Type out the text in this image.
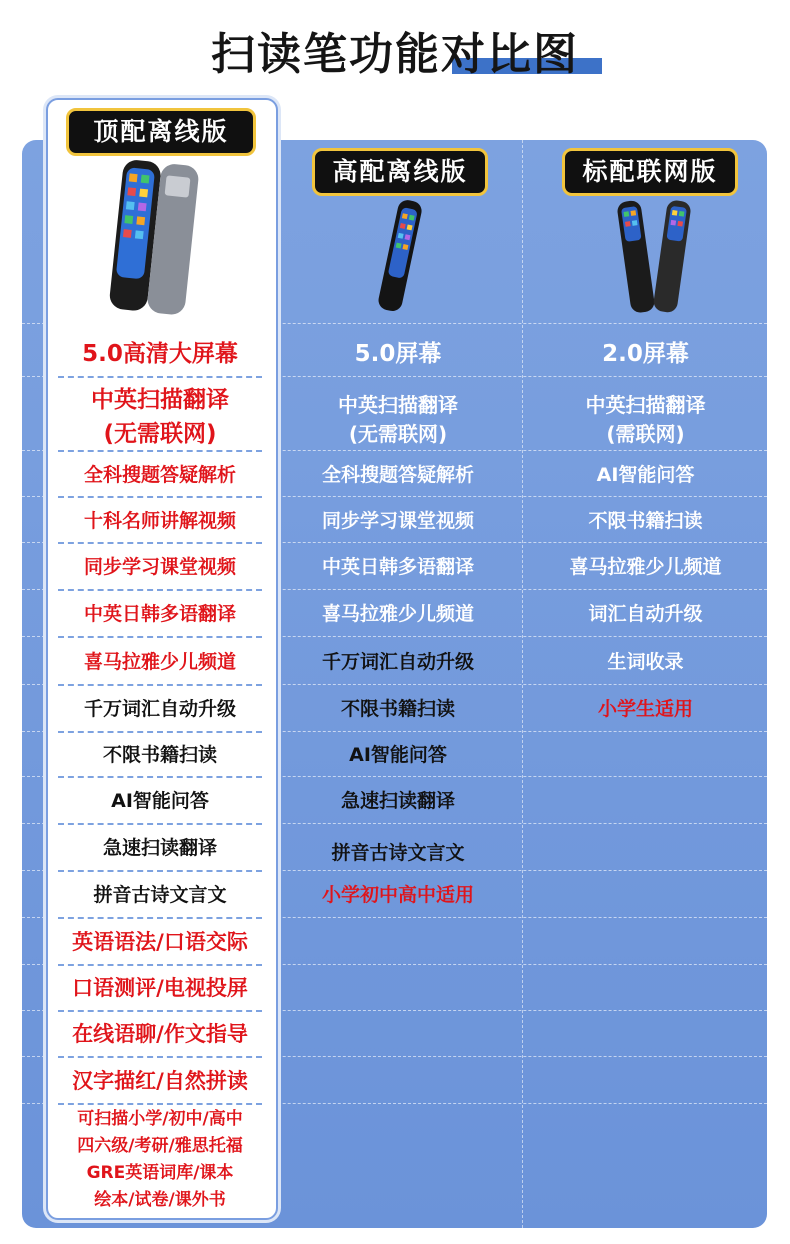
扫读笔功能对比图
顶配离线版
高配离线版	标配联网版
5.0高清大屏幕
中英扫描翻译
(无需联网)
全科搜题答疑解析
十科名师讲解视频
同步学习课堂视频
中英日韩多语翻译
喜马拉雅少儿频道
千万词汇自动升级
不限书籍扫读
AI智能问答
急速扫读翻译
拼音古诗文言文
英语语法/口语交际
口语测评/电视投屏
在线语聊/作文指导
汉字描红/自然拼读
可扫描小学/初中/高中
四六级/考研/雅思托福
GRE英语词库/课本
绘本/试卷/课外书
5.0屏幕
中英扫描翻译
(无需联网)
全科搜题答疑解析
同步学习课堂视频
中英日韩多语翻译
喜马拉雅少儿频道
千万词汇自动升级
不限书籍扫读
AI智能问答
急速扫读翻译
拼音古诗文言文
小学初中高中适用
2.0屏幕
中英扫描翻译
(需联网)
AI智能问答
不限书籍扫读
喜马拉雅少儿频道
词汇自动升级
生词收录
小学生适用
